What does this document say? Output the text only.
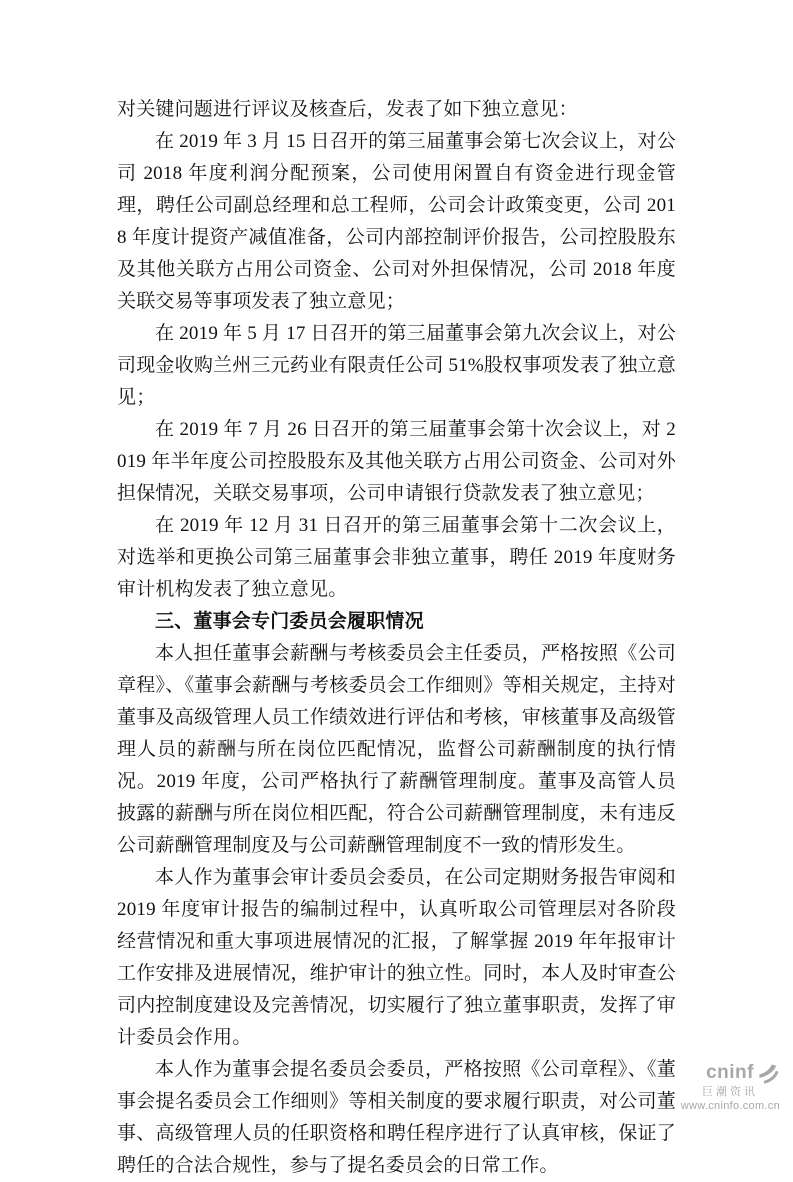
对关键问题进行评议及核查后，发表了如下独立意见：

在 2019 年 3 月 15 日召开的第三届董事会第七次会议上，对公司 2018 年度利润分配预案，公司使用闲置自有资金进行现金管理，聘任公司副总经理和总工程师，公司会计政策变更，公司 2018 年度计提资产减值准备，公司内部控制评价报告，公司控股股东及其他关联方占用公司资金、公司对外担保情况，公司 2018 年度关联交易等事项发表了独立意见；

在 2019 年 5 月 17 日召开的第三届董事会第九次会议上，对公司现金收购兰州三元药业有限责任公司 51%股权事项发表了独立意见；

在 2019 年 7 月 26 日召开的第三届董事会第十次会议上，对 2019 年半年度公司控股股东及其他关联方占用公司资金、公司对外担保情况，关联交易事项，公司申请银行贷款发表了独立意见；

在 2019 年 12 月 31 日召开的第三届董事会第十二次会议上，对选举和更换公司第三届董事会非独立董事，聘任 2019 年度财务审计机构发表了独立意见。

三、董事会专门委员会履职情况

本人担任董事会薪酬与考核委员会主任委员，严格按照《公司章程》、《董事会薪酬与考核委员会工作细则》等相关规定，主持对董事及高级管理人员工作绩效进行评估和考核，审核董事及高级管理人员的薪酬与所在岗位匹配情况，监督公司薪酬制度的执行情况。2019 年度，公司严格执行了薪酬管理制度。董事及高管人员披露的薪酬与所在岗位相匹配，符合公司薪酬管理制度，未有违反公司薪酬管理制度及与公司薪酬管理制度不一致的情形发生。

本人作为董事会审计委员会委员，在公司定期财务报告审阅和 2019 年度审计报告的编制过程中，认真听取公司管理层对各阶段经营情况和重大事项进展情况的汇报，了解掌握 2019 年年报审计工作安排及进展情况，维护审计的独立性。同时，本人及时审查公司内控制度建设及完善情况，切实履行了独立董事职责，发挥了审计委员会作用。

本人作为董事会提名委员会委员，严格按照《公司章程》、《董事会提名委员会工作细则》等相关制度的要求履行职责，对公司董事、高级管理人员的任职资格和聘任程序进行了认真审核，保证了聘任的合法合规性，参与了提名委员会的日常工作。

cninf
巨潮资讯
www.cninfo.com.cn
